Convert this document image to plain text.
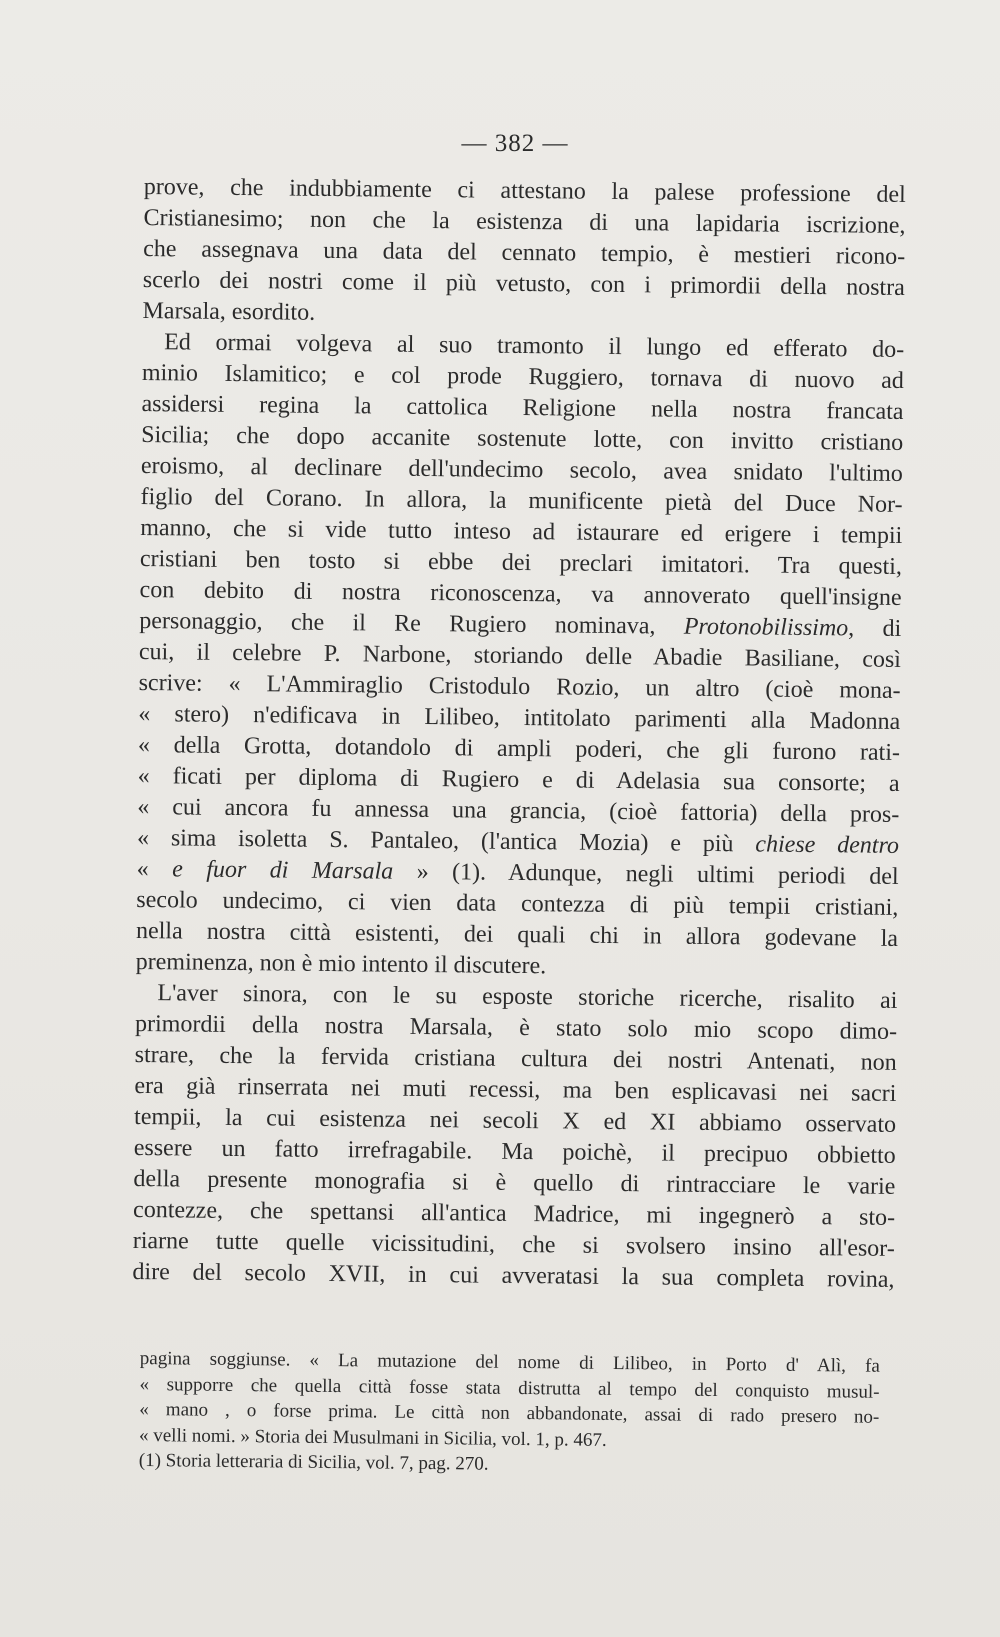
— 382 —
prove, che indubbiamente ci attestano la palese professione del
Cristianesimo; non che la esistenza di una lapidaria iscrizione,
che assegnava una data del cennato tempio, è mestieri ricono-
scerlo dei nostri come il più vetusto, con i primordii della nostra
Marsala, esordito.
Ed ormai volgeva al suo tramonto il lungo ed efferato do-
minio Islamitico; e col prode Ruggiero, tornava di nuovo ad
assidersi regina la cattolica Religione nella nostra francata
Sicilia; che dopo accanite sostenute lotte, con invitto cristiano
eroismo, al declinare dell'undecimo secolo, avea snidato l'ultimo
figlio del Corano. In allora, la munificente pietà del Duce Nor-
manno, che si vide tutto inteso ad istaurare ed erigere i tempii
cristiani ben tosto si ebbe dei preclari imitatori. Tra questi,
con debito di nostra riconoscenza, va annoverato quell'insigne
personaggio, che il Re Rugiero nominava, Protonobilissimo, di
cui, il celebre P. Narbone, storiando delle Abadie Basiliane, così
scrive: « L'Ammiraglio Cristodulo Rozio, un altro (cioè mona-
« stero) n'edificava in Lilibeo, intitolato parimenti alla Madonna
« della Grotta, dotandolo di ampli poderi, che gli furono rati-
« ficati per diploma di Rugiero e di Adelasia sua consorte; a
« cui ancora fu annessa una grancia, (cioè fattoria) della pros-
« sima isoletta S. Pantaleo, (l'antica Mozia) e più chiese dentro
« e fuor di Marsala » (1). Adunque, negli ultimi periodi del
secolo undecimo, ci vien data contezza di più tempii cristiani,
nella nostra città esistenti, dei quali chi in allora godevane la
preminenza, non è mio intento il discutere.
L'aver sinora, con le su esposte storiche ricerche, risalito ai
primordii della nostra Marsala, è stato solo mio scopo dimo-
strare, che la fervida cristiana cultura dei nostri Antenati, non
era già rinserrata nei muti recessi, ma ben esplicavasi nei sacri
tempii, la cui esistenza nei secoli X ed XI abbiamo osservato
essere un fatto irrefragabile. Ma poichè, il precipuo obbietto
della presente monografia si è quello di rintracciare le varie
contezze, che spettansi all'antica Madrice, mi ingegnerò a sto-
riarne tutte quelle vicissitudini, che si svolsero insino all'esor-
dire del secolo XVII, in cui avveratasi la sua completa rovina,
pagina soggiunse. « La mutazione del nome di Lilibeo, in Porto d' Alì, fa
« supporre che quella città fosse stata distrutta al tempo del conquisto musul-
« mano , o forse prima. Le città non abbandonate, assai di rado presero no-
« velli nomi. » Storia dei Musulmani in Sicilia, vol. 1, p. 467.
(1) Storia letteraria di Sicilia, vol. 7, pag. 270.
